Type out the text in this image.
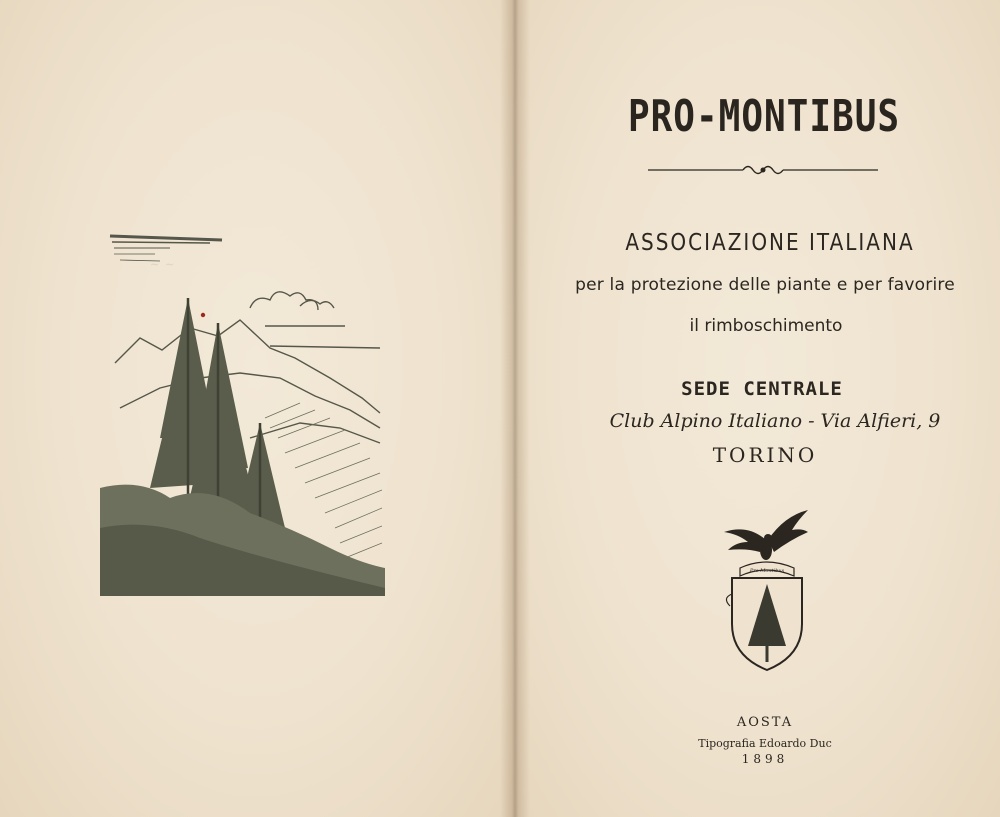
~ ~
PRO-MONTIBUS
ASSOCIAZIONE ITALIANA
per la protezione delle piante e per favorire
il rimboschimento
SEDE CENTRALE
Club Alpino Italiano - Via Alfieri, 9
TORINO
Pro Montibus
AOSTA
Tipografia Edoardo Duc
1898
